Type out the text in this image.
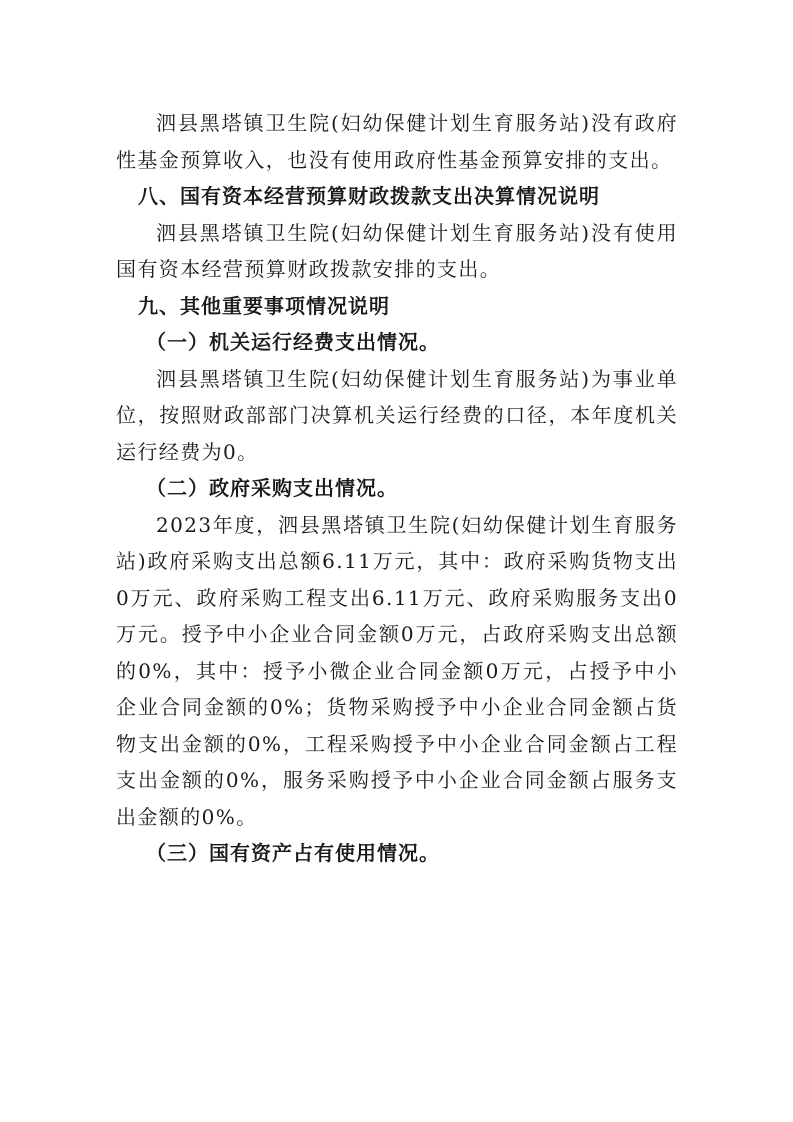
泗县黑塔镇卫生院(妇幼保健计划生育服务站)没有政府性基金预算收入，也没有使用政府性基金预算安排的支出。

八、国有资本经营预算财政拨款支出决算情况说明

泗县黑塔镇卫生院(妇幼保健计划生育服务站)没有使用国有资本经营预算财政拨款安排的支出。

九、其他重要事项情况说明

（一）机关运行经费支出情况。

泗县黑塔镇卫生院(妇幼保健计划生育服务站)为事业单位，按照财政部部门决算机关运行经费的口径，本年度机关运行经费为0。

（二）政府采购支出情况。

2023年度，泗县黑塔镇卫生院(妇幼保健计划生育服务站)政府采购支出总额6.11万元，其中：政府采购货物支出0万元、政府采购工程支出6.11万元、政府采购服务支出0万元。授予中小企业合同金额0万元，占政府采购支出总额的0%，其中：授予小微企业合同金额0万元，占授予中小企业合同金额的0%；货物采购授予中小企业合同金额占货物支出金额的0%，工程采购授予中小企业合同金额占工程支出金额的0%，服务采购授予中小企业合同金额占服务支出金额的0%。

（三）国有资产占有使用情况。
